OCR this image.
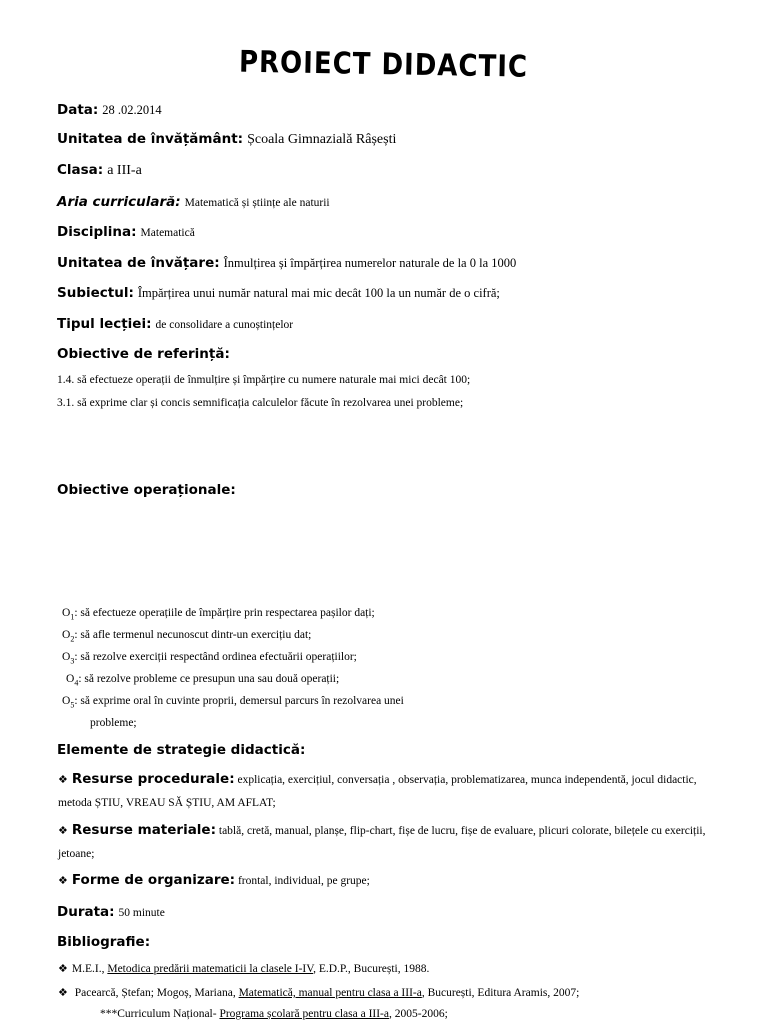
PROIECT DIDACTIC
Data: 28 .02.2014
Unitatea de învățământ: Școala Gimnazială Râșești
Clasa: a III-a
Aria curriculară: Matematică și științe ale naturii
Disciplina: Matematică
Unitatea de învățare: Înmulțirea și împărțirea numerelor naturale de la 0 la 1000
Subiectul: Împărțirea unui număr natural mai mic decât 100 la un număr de o cifră;
Tipul lecției: de consolidare a cunoștințelor
Obiective de referință:
1.4. să efectueze operații de înmulțire și împărțire cu numere naturale mai mici decât 100;
3.1. să exprime clar și concis semnificația calculelor făcute în rezolvarea unei probleme;
Obiective operaționale:
$O_1$: să efectueze operațiile de împărțire prin respectarea pașilor dați;
$O_2$: să afle termenul necunoscut dintr-un exercițiu dat;
$O_3$: să rezolve exerciții respectând ordinea efectuării operațiilor;
$O_4$: să rezolve probleme ce presupun una sau două operații;
$O_5$: să exprime oral în cuvinte proprii, demersul parcurs în rezolvarea unei
probleme;
Elemente de strategie didactică:
❖ Resurse procedurale: explicația, exercițiul, conversația , observația, problematizarea, munca independentă, jocul didactic, metoda ȘTIU, VREAU SĂ ȘTIU, AM AFLAT;
❖ Resurse materiale: tablă, cretă, manual, planșe, flip-chart, fișe de lucru, fișe de evaluare, plicuri colorate, bilețele cu exerciții, jetoane;
❖ Forme de organizare: frontal, individual, pe grupe;
Durata: 50 minute
Bibliografie:
❖ M.E.I., Metodica predării matematicii la clasele I-IV, E.D.P., București, 1988.
❖ Pacearcă, Ștefan; Mogoș, Mariana, Matematică, manual pentru clasa a III-a, București, Editura Aramis, 2007;
***Curriculum Național- Programa școlară pentru clasa a III-a, 2005-2006;
